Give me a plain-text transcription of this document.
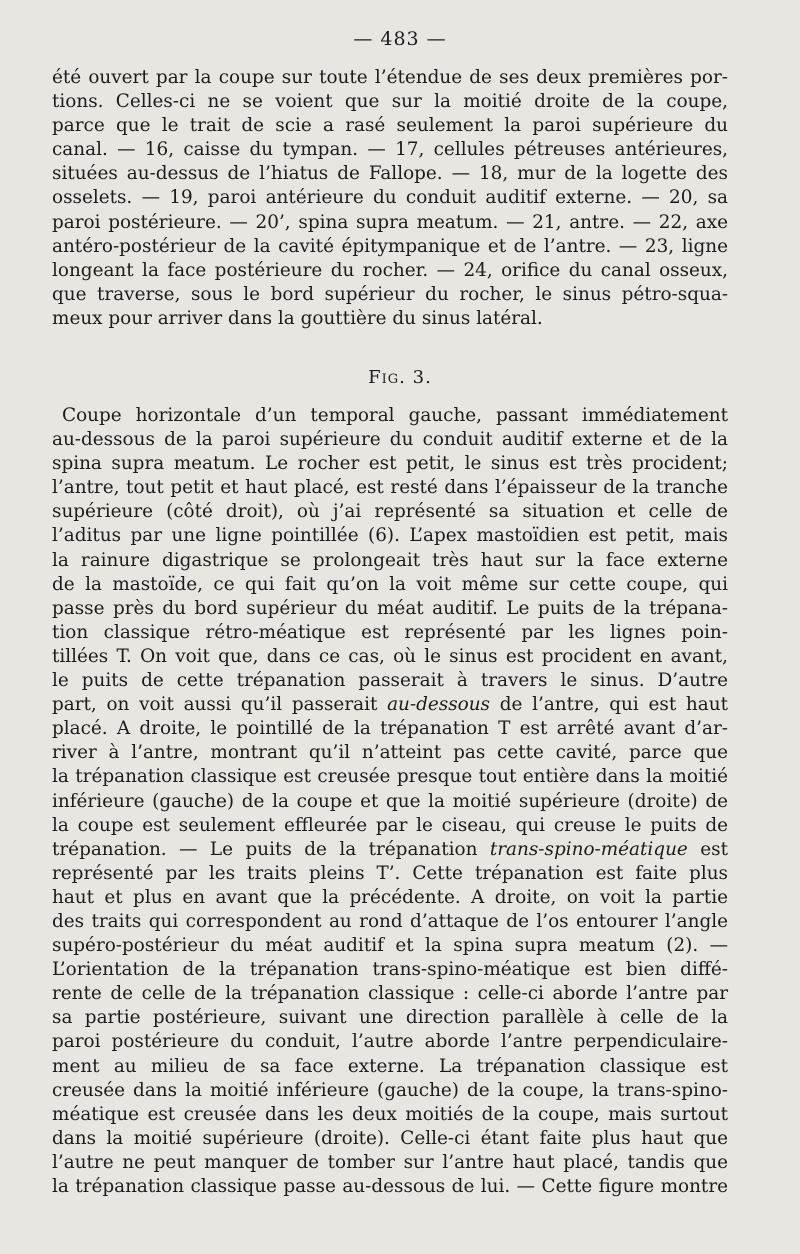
— 483 —
été ouvert par la coupe sur toute l’étendue de ses deux premières por-
tions. Celles-ci ne se voient que sur la moitié droite de la coupe,
parce que le trait de scie a rasé seulement la paroi supérieure du
canal. — 16, caisse du tympan. — 17, cellules pétreuses antérieures,
situées au-dessus de l’hiatus de Fallope. — 18, mur de la logette des
osselets. — 19, paroi antérieure du conduit auditif externe. — 20, sa
paroi postérieure. — 20’, spina supra meatum. — 21, antre. — 22, axe
antéro-postérieur de la cavité épitympanique et de l’antre. — 23, ligne
longeant la face postérieure du rocher. — 24, orifice du canal osseux,
que traverse, sous le bord supérieur du rocher, le sinus pétro-squa-
meux pour arriver dans la gouttière du sinus latéral.
Fig. 3.
Coupe horizontale d’un temporal gauche, passant immédiatement
au-dessous de la paroi supérieure du conduit auditif externe et de la
spina supra meatum. Le rocher est petit, le sinus est très procident;
l’antre, tout petit et haut placé, est resté dans l’épaisseur de la tranche
supérieure (côté droit), où j’ai représenté sa situation et celle de
l’aditus par une ligne pointillée (6). L’apex mastoïdien est petit, mais
la rainure digastrique se prolongeait très haut sur la face externe
de la mastoïde, ce qui fait qu’on la voit même sur cette coupe, qui
passe près du bord supérieur du méat auditif. Le puits de la trépana-
tion classique rétro-méatique est représenté par les lignes poin-
tillées T. On voit que, dans ce cas, où le sinus est procident en avant,
le puits de cette trépanation passerait à travers le sinus. D’autre
part, on voit aussi qu’il passerait au-dessous de l’antre, qui est haut
placé. A droite, le pointillé de la trépanation T est arrêté avant d’ar-
river à l’antre, montrant qu’il n’atteint pas cette cavité, parce que
la trépanation classique est creusée presque tout entière dans la moitié
inférieure (gauche) de la coupe et que la moitié supérieure (droite) de
la coupe est seulement effleurée par le ciseau, qui creuse le puits de
trépanation. — Le puits de la trépanation trans-spino-méatique est
représenté par les traits pleins T’. Cette trépanation est faite plus
haut et plus en avant que la précédente. A droite, on voit la partie
des traits qui correspondent au rond d’attaque de l’os entourer l’angle
supéro-postérieur du méat auditif et la spina supra meatum (2). —
L’orientation de la trépanation trans-spino-méatique est bien diffé-
rente de celle de la trépanation classique : celle-ci aborde l’antre par
sa partie postérieure, suivant une direction parallèle à celle de la
paroi postérieure du conduit, l’autre aborde l’antre perpendiculaire-
ment au milieu de sa face externe. La trépanation classique est
creusée dans la moitié inférieure (gauche) de la coupe, la trans-spino-
méatique est creusée dans les deux moitiés de la coupe, mais surtout
dans la moitié supérieure (droite). Celle-ci étant faite plus haut que
l’autre ne peut manquer de tomber sur l’antre haut placé, tandis que
la trépanation classique passe au-dessous de lui. — Cette figure montre
